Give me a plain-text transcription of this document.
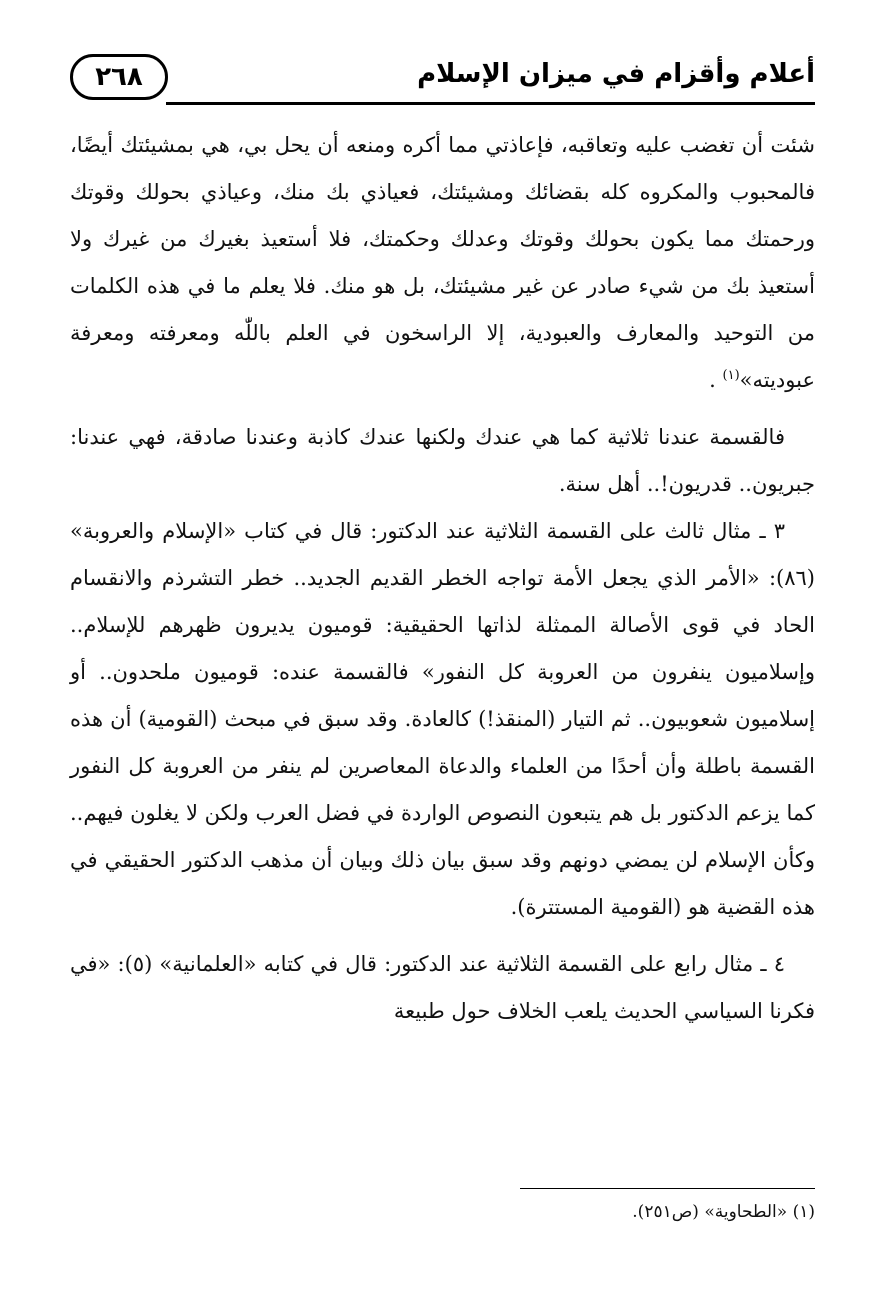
٢٦٨	أعلام وأقزام في ميزان الإسلام

شئت أن تغضب عليه وتعاقبه، فإعاذتي مما أكره ومنعه أن يحل بي، هي بمشيئتك أيضًا، فالمحبوب والمكروه كله بقضائك ومشيئتك، فعياذي بك منك، وعياذي بحولك وقوتك ورحمتك مما يكون بحولك وقوتك وعدلك وحكمتك، فلا أستعيذ بغيرك من غيرك ولا أستعيذ بك من شيء صادر عن غير مشيئتك، بل هو منك. فلا يعلم ما في هذه الكلمات من التوحيد والمعارف والعبودية، إلا الراسخون في العلم باللّٰه ومعرفته ومعرفة عبوديته»$^{(١)}$ .

فالقسمة عندنا ثلاثية كما هي عندك ولكنها عندك كاذبة وعندنا صادقة، فهي عندنا: جبريون.. قدريون!.. أهل سنة.

٣ ـ مثال ثالث على القسمة الثلاثية عند الدكتور: قال في كتاب «الإسلام والعروبة» (٨٦): «الأمر الذي يجعل الأمة تواجه الخطر القديم الجديد.. خطر التشرذم والانقسام الحاد في قوى الأصالة الممثلة لذاتها الحقيقية: قوميون يديرون ظهرهم للإسلام.. وإسلاميون ينفرون من العروبة كل النفور» فالقسمة عنده: قوميون ملحدون.. أو إسلاميون شعوبيون.. ثم التيار (المنقذ!) كالعادة. وقد سبق في مبحث (القومية) أن هذه القسمة باطلة وأن أحدًا من العلماء والدعاة المعاصرين لم ينفر من العروبة كل النفور كما يزعم الدكتور بل هم يتبعون النصوص الواردة في فضل العرب ولكن لا يغلون فيهم.. وكأن الإسلام لن يمضي دونهم وقد سبق بيان ذلك وبيان أن مذهب الدكتور الحقيقي في هذه القضية هو (القومية المستترة).

٤ ـ مثال رابع على القسمة الثلاثية عند الدكتور: قال في كتابه «العلمانية» (٥): «في فكرنا السياسي الحديث يلعب الخلاف حول طبيعة

(١) «الطحاوية» (ص٢٥١).
